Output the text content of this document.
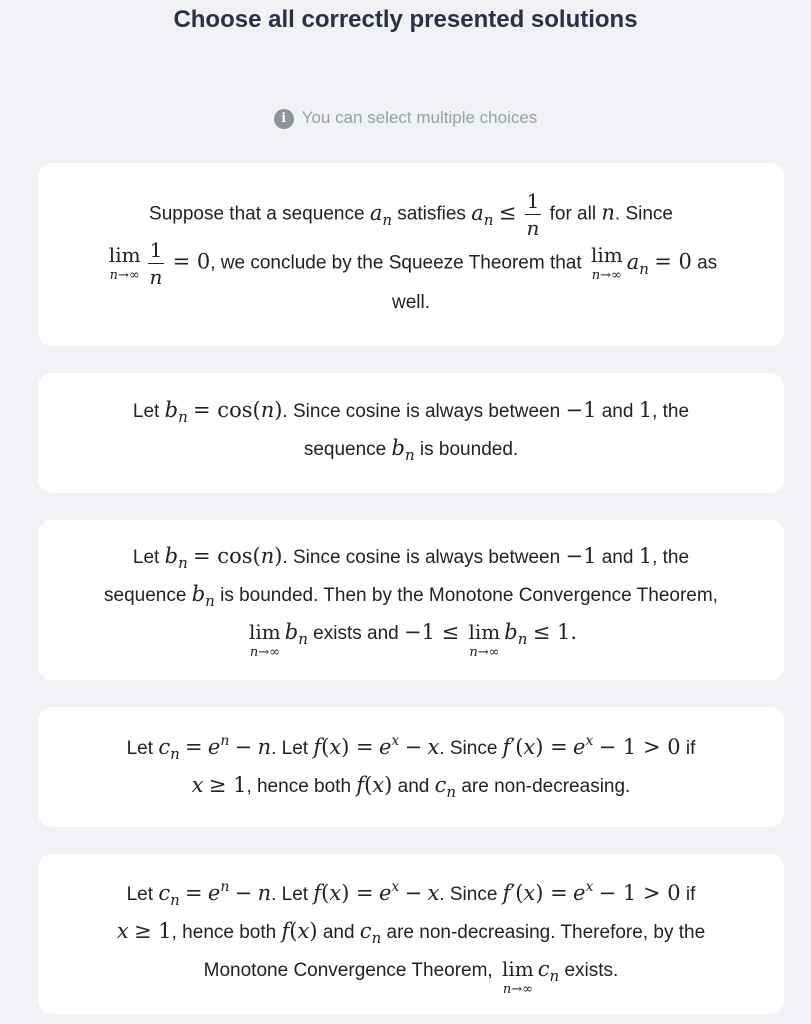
Choose all correctly presented solutions
i You can select multiple choices
Suppose that a sequence $a_n$ satisfies $a_n \le \frac{1}{n}$ for all n. Since
lim
$n\to\infty \frac{1}{n} = 0$, we conclude by the Squeeze Theorem that lim
n→∞
$a_n = 0$ as
well.
Let $b_n = \cos(n)$. Since cosine is always between −1 and 1, the
sequence $b_n$ is bounded.
Let $b_n = \cos(n)$. Since cosine is always between −1 and 1, the
sequence $b_n$ is bounded. Then by the Monotone Convergence Theorem,
lim
n→∞
$b_n$ exists and −1 ≤ lim
n→∞
$b_n \le 1$.
Let $c_n = e^n - n$. Let $f(x) = e^x - x$. Since $f'(x) = e^x - 1 > 0$ if
x ≥ 1, hence both f(x) and $c_n$ are non-decreasing.
Let $c_n = e^n - n$. Let $f(x) = e^x - x$. Since $f'(x) = e^x - 1 > 0$ if
x ≥ 1, hence both f(x) and $c_n$ are non-decreasing. Therefore, by the
Monotone Convergence Theorem, lim
n→∞
$c_n$ exists.
